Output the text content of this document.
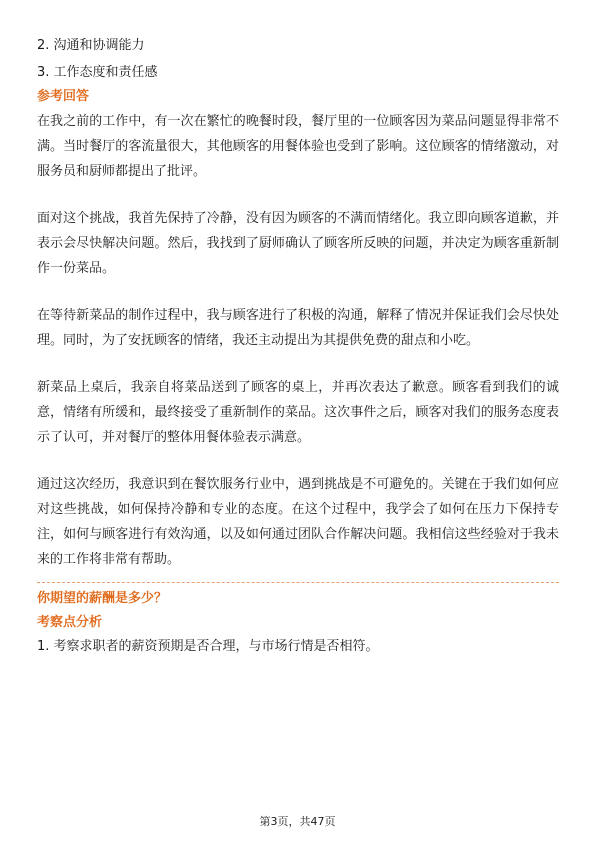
2. 沟通和协调能力

3. 工作态度和责任感

参考回答

在我之前的工作中，有一次在繁忙的晚餐时段，餐厅里的一位顾客因为菜品问题显得非常不满。当时餐厅的客流量很大，其他顾客的用餐体验也受到了影响。这位顾客的情绪激动，对服务员和厨师都提出了批评。

面对这个挑战，我首先保持了冷静，没有因为顾客的不满而情绪化。我立即向顾客道歉，并表示会尽快解决问题。然后，我找到了厨师确认了顾客所反映的问题，并决定为顾客重新制作一份菜品。

在等待新菜品的制作过程中，我与顾客进行了积极的沟通，解释了情况并保证我们会尽快处理。同时，为了安抚顾客的情绪，我还主动提出为其提供免费的甜点和小吃。

新菜品上桌后，我亲自将菜品送到了顾客的桌上，并再次表达了歉意。顾客看到我们的诚意，情绪有所缓和，最终接受了重新制作的菜品。这次事件之后，顾客对我们的服务态度表示了认可，并对餐厅的整体用餐体验表示满意。

通过这次经历，我意识到在餐饮服务行业中，遇到挑战是不可避免的。关键在于我们如何应对这些挑战，如何保持冷静和专业的态度。在这个过程中，我学会了如何在压力下保持专注，如何与顾客进行有效沟通，以及如何通过团队合作解决问题。我相信这些经验对于我未来的工作将非常有帮助。

你期望的薪酬是多少？

考察点分析

1. 考察求职者的薪资预期是否合理，与市场行情是否相符。

第3页，共47页
